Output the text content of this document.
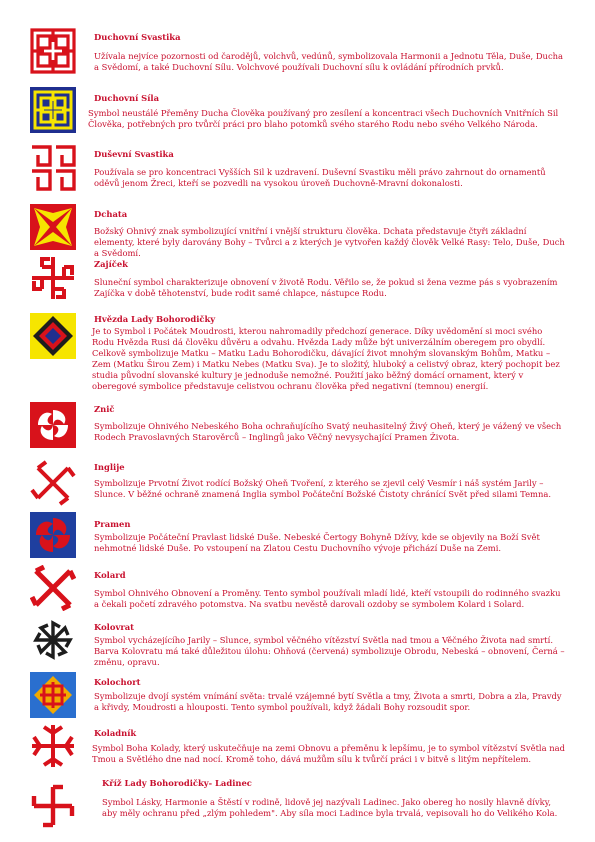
Duchovní Svastika
Užívala nejvíce pozornosti od čarodějů, volchvů, vedúnů, symbolizovala Harmonii a Jednotu Těla, Duše, Ducha a Svědomí, a také Duchovní Sílu. Volchvové používali Duchovní sílu k ovládání přírodních prvků.
Duchovní Síla
Symbol neustálé Přeměny Ducha Člověka používaný pro zesílení a koncentraci všech Duchovních Vnitřních Sil Člověka, potřebných pro tvůrčí práci pro blaho potomků svého starého Rodu nebo svého Velkého Národa.
Duševní Svastika
Používala se pro koncentraci Vyšších Sil k uzdravení. Duševní Svastiku měli právo zahrnout do ornamentů oděvů jenom Žreci, kteří se pozvedli na vysokou úroveň Duchovně-Mravní dokonalosti.
Dchata
Božský Ohnivý znak symbolizující vnitřní i vnější strukturu člověka. Dchata představuje čtyři základní elementy, které byly darovány Bohy – Tvůrci a z kterých je vytvořen každý člověk Velké Rasy: Telo, Duše, Duch a Svědomí.
Zajíček
Sluneční symbol charakterizuje obnovení v životě Rodu. Věřilo se, že pokud si žena vezme pás s vyobrazením Zajíčka v době těhotenství, bude rodit samé chlapce, nástupce Rodu.
Hvězda Lady Bohorodičky
Je to Symbol i Počátek Moudrosti, kterou nahromadily předchozí generace. Díky uvědomění si moci svého Rodu Hvězda Rusi dá člověku důvěru a odvahu. Hvězda Lady může být univerzálním oberegem pro obydlí. Celkově symbolizuje Matku – Matku Ladu Bohorodičku, dávající život mnohým slovanským Bohům, Matku – Zem (Matku Širou Zem) i Matku Nebes (Matku Sva). Je to složitý, hluboký a celistvý obraz, který pochopit bez studia původní slovanské kultury je jednoduše nemožné. Použití jako běžný domácí ornament, který v oberegové symbolice představuje celistvou ochranu člověka před negativní (temnou) energií.
Znič
Symbolizuje Ohnivého Nebeského Boha ochraňujícího Svatý neuhasitelný Živý Oheň, který je vážený ve všech Rodech Pravoslavných Starověrců – Inglingů jako Věčný nevysychající Pramen Života.
Inglije
Symbolizuje Prvotní Život rodící Božský Oheň Tvoření, z kterého se zjevil celý Vesmír i náš systém Jarily – Slunce. V běžné ochraně znamená Inglia symbol Počáteční Božské Čistoty chránící Svět před silami Temna.
Pramen
Symbolizuje Počáteční Pravlast lidské Duše. Nebeské Čertogy Bohyně Džívy, kde se objevily na Boží Svět nehmotné lidské Duše. Po vstoupení na Zlatou Cestu Duchovního vývoje přichází Duše na Zemi.
Kolard
Symbol Ohnivého Obnovení a Proměny. Tento symbol používali mladí lidé, kteří vstoupili do rodinného svazku a čekali početí zdravého potomstva. Na svatbu nevěstě darovali ozdoby se symbolem Kolard i Solard.
Kolovrat
Symbol vycházejícího Jarily – Slunce, symbol věčného vítězství Světla nad tmou a Věčného Života nad smrtí. Barva Kolovratu má také důležitou úlohu: Ohňová (červená) symbolizuje Obrodu, Nebeská – obnovení, Černá – změnu, opravu.
Kolochort
Symbolizuje dvojí systém vnímání světa: trvalé vzájemné bytí Světla a tmy, Života a smrti, Dobra a zla, Pravdy a křivdy, Moudrosti a hlouposti. Tento symbol používali, když žádali Bohy rozsoudit spor.
Koladník
Symbol Boha Kolady, který uskutečňuje na zemi Obnovu a přeměnu k lepšímu, je to symbol vítězství Světla nad Tmou a Světlého dne nad nocí. Kromě toho, dává mužům sílu k tvůrčí práci i v bitvě s litým nepřítelem.
Kříž Lady Bohorodičky- Ladinec
Symbol Lásky, Harmonie a Štěstí v rodině, lidově jej nazývali Ladinec. Jako obereg ho nosily hlavně dívky, aby měly ochranu před „zlým pohledem". Aby síla moci Ladince byla trvalá, vepisovali ho do Velikého Kola.
